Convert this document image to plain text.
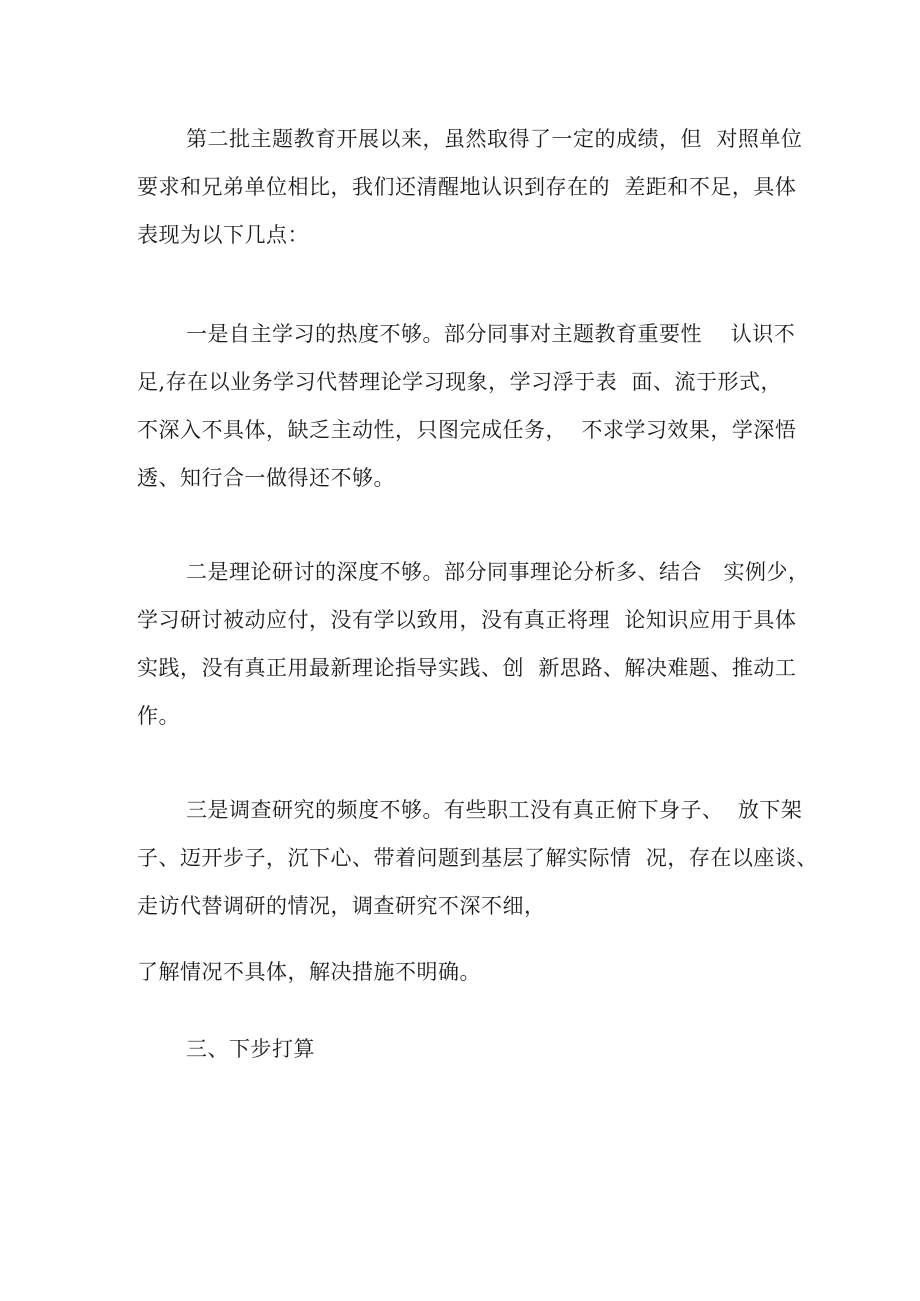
第二批主题教育开展以来，虽然取得了一定的成绩，但  对照单位
要求和兄弟单位相比，我们还清醒地认识到存在的  差距和不足，具体
表现为以下几点：
一是自主学习的热度不够。部分同事对主题教育重要性    认识不
足,存在以业务学习代替理论学习现象，学习浮于表  面、流于形式，
不深入不具体，缺乏主动性，只图完成任务，  不求学习效果，学深悟
透、知行合一做得还不够。
二是理论研讨的深度不够。部分同事理论分析多、结合   实例少，
学习研讨被动应付，没有学以致用，没有真正将理  论知识应用于具体
实践，没有真正用最新理论指导实践、创  新思路、解决难题、推动工
作。
三是调查研究的频度不够。有些职工没有真正俯下身子、  放下架
子、迈开步子，沉下心、带着问题到基层了解实际情  况，存在以座谈、
走访代替调研的情况，调查研究不深不细，
了解情况不具体，解决措施不明确。
三、下步打算
